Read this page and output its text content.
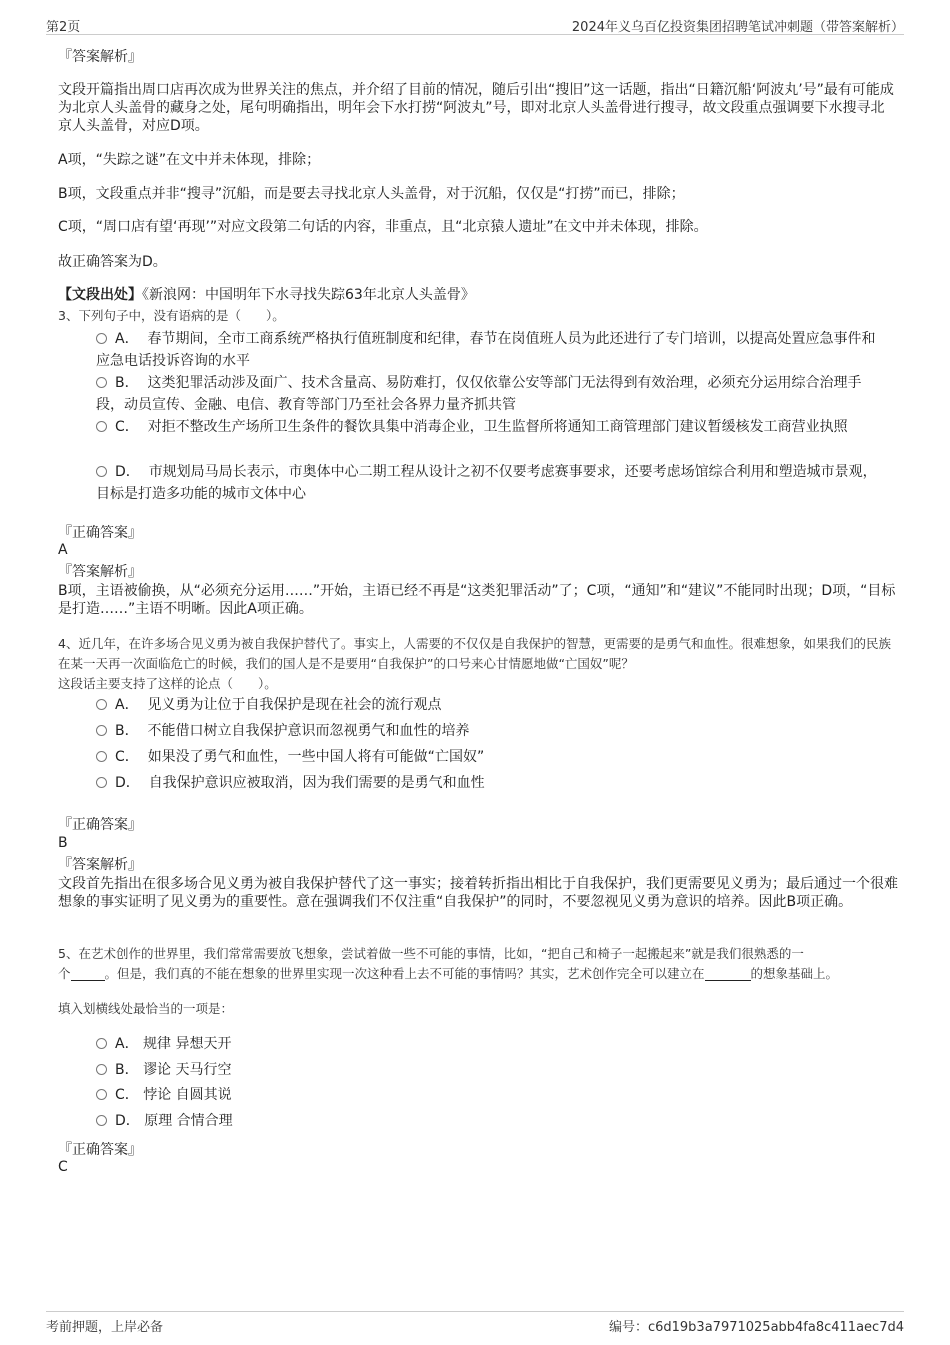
第2页	2024年义乌百亿投资集团招聘笔试冲刺题（带答案解析）
『答案解析』
文段开篇指出周口店再次成为世界关注的焦点，并介绍了目前的情况，随后引出“搜旧”这一话题，指出“日籍沉船‘阿波丸’号”最有可能成为北京人头盖骨的藏身之处，尾句明确指出，明年会下水打捞“阿波丸”号，即对北京人头盖骨进行搜寻，故文段重点强调要下水搜寻北京人头盖骨，对应D项。
A项，“失踪之谜”在文中并未体现，排除；
B项，文段重点并非“搜寻”沉船，而是要去寻找北京人头盖骨，对于沉船，仅仅是“打捞”而已，排除；
C项，“周口店有望‘再现’”对应文段第二句话的内容，非重点，且“北京猿人遗址”在文中并未体现，排除。
故正确答案为D。
【文段出处】《新浪网：中国明年下水寻找失踪63年北京人头盖骨》
3、下列句子中，没有语病的是（　　）。
A． 春节期间，全市工商系统严格执行值班制度和纪律，春节在岗值班人员为此还进行了专门培训，以提高处置应急事件和应急电话投诉咨询的水平
B． 这类犯罪活动涉及面广、技术含量高、易防难打，仅仅依靠公安等部门无法得到有效治理，必须充分运用综合治理手段，动员宣传、金融、电信、教育等部门乃至社会各界力量齐抓共管
C． 对拒不整改生产场所卫生条件的餐饮具集中消毒企业，卫生监督所将通知工商管理部门建议暂缓核发工商营业执照
D． 市规划局马局长表示，市奥体中心二期工程从设计之初不仅要考虑赛事要求，还要考虑场馆综合利用和塑造城市景观，目标是打造多功能的城市文体中心
『正确答案』
A
『答案解析』
B项，主语被偷换，从“必须充分运用……”开始，主语已经不再是“这类犯罪活动”了；C项，“通知”和“建议”不能同时出现；D项，“目标是打造……”主语不明晰。因此A项正确。
4、近几年，在许多场合见义勇为被自我保护替代了。事实上，人需要的不仅仅是自我保护的智慧，更需要的是勇气和血性。很难想象，如果我们的民族在某一天再一次面临危亡的时候，我们的国人是不是要用“自我保护”的口号来心甘情愿地做“亡国奴”呢？
这段话主要支持了这样的论点（　　）。
A． 见义勇为让位于自我保护是现在社会的流行观点
B． 不能借口树立自我保护意识而忽视勇气和血性的培养
C． 如果没了勇气和血性，一些中国人将有可能做“亡国奴”
D． 自我保护意识应被取消，因为我们需要的是勇气和血性
『正确答案』
B
『答案解析』
文段首先指出在很多场合见义勇为被自我保护替代了这一事实；接着转折指出相比于自我保护，我们更需要见义勇为；最后通过一个很难想象的事实证明了见义勇为的重要性。意在强调我们不仅注重“自我保护”的同时，不要忽视见义勇为意识的培养。因此B项正确。
5、在艺术创作的世界里，我们常常需要放飞想象，尝试着做一些不可能的事情，比如，“把自己和椅子一起搬起来”就是我们很熟悉的一
个	。但是，我们真的不能在想象的世界里实现一次这种看上去不可能的事情吗？其实，艺术创作完全可以建立在	的想象基础上。
填入划横线处最恰当的一项是：
A． 规律 异想天开
B． 谬论 天马行空
C． 悖论 自圆其说
D． 原理 合情合理
『正确答案』
C
考前押题，上岸必备	编号：c6d19b3a7971025abb4fa8c411aec7d4
